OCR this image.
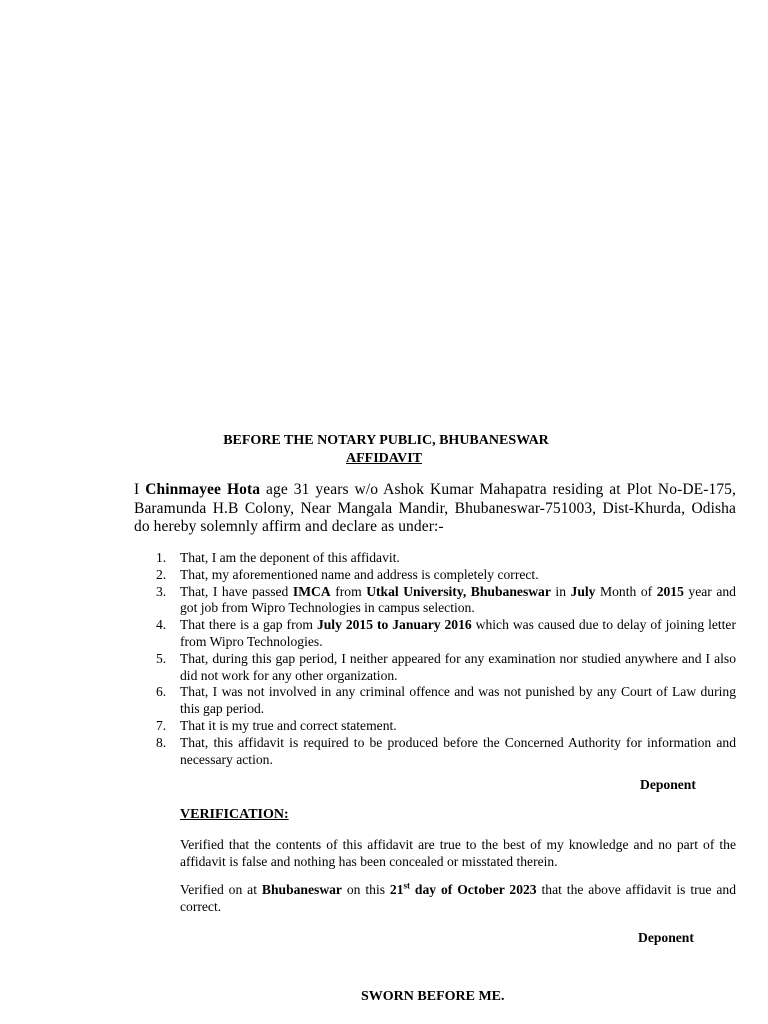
BEFORE THE NOTARY PUBLIC, BHUBANESWAR
AFFIDAVIT
I Chinmayee Hota age 31 years w/o Ashok Kumar Mahapatra residing at Plot No-DE-175, Baramunda H.B Colony, Near Mangala Mandir, Bhubaneswar-751003, Dist-Khurda, Odisha do hereby solemnly affirm and declare as under:-
1. That, I am the deponent of this affidavit.
2. That, my aforementioned name and address is completely correct.
3. That, I have passed IMCA from Utkal University, Bhubaneswar in July Month of 2015 year and got job from Wipro Technologies in campus selection.
4. That there is a gap from July 2015 to January 2016 which was caused due to delay of joining letter from Wipro Technologies.
5. That, during this gap period, I neither appeared for any examination nor studied anywhere and I also did not work for any other organization.
6. That, I was not involved in any criminal offence and was not punished by any Court of Law during this gap period.
7. That it is my true and correct statement.
8. That, this affidavit is required to be produced before the Concerned Authority for information and necessary action.
Deponent
VERIFICATION:
Verified that the contents of this affidavit are true to the best of my knowledge and no part of the affidavit is false and nothing has been concealed or misstated therein.
Verified on at Bhubaneswar on this 21st day of October 2023 that the above affidavit is true and correct.
Deponent
SWORN BEFORE ME.
